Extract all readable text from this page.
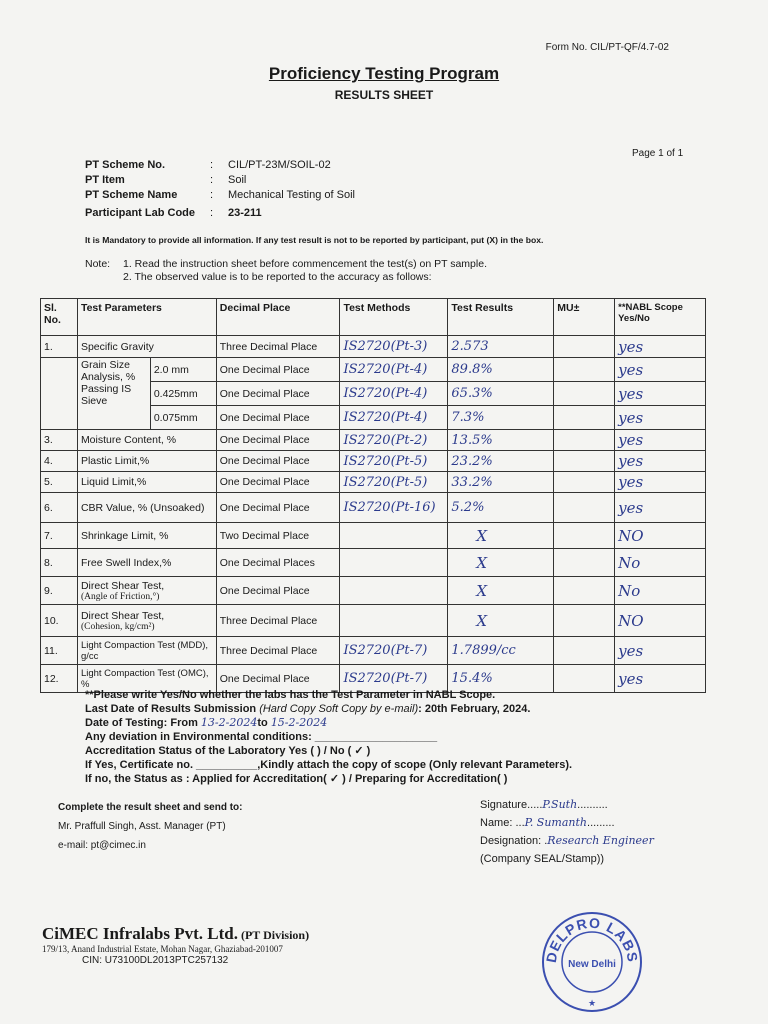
Form No. CIL/PT-QF/4.7-02
Proficiency Testing Program
RESULTS SHEET
Page 1 of 1
PT Scheme No.	:	CIL/PT-23M/SOIL-02
PT Item	:	Soil
PT Scheme Name	:	Mechanical Testing of Soil
Participant Lab Code	:	23-211
It is Mandatory to provide all information. If any test result is not to be reported by participant, put (X) in the box.
Note:	1. Read the instruction sheet before commencement the test(s) on PT sample.
2. The observed value is to be reported to the accuracy as follows:
Sl. No.	Test Parameters		Decimal Place	Test Methods	Test Results	MU±	**NABL Scope Yes/No
1.	Specific Gravity		Three Decimal Place	IS2720(Pt-3)	2.573		yes
	Grain Size Analysis, % Passing IS Sieve	2.0 mm	One Decimal Place	IS2720(Pt-4)	89.8%		yes
		0.425mm	One Decimal Place	IS2720(Pt-4)	65.3%		yes
		0.075mm	One Decimal Place	IS2720(Pt-4)	7.3%		yes
3.	Moisture Content, %		One Decimal Place	IS2720(Pt-2)	13.5%		yes
4.	Plastic Limit,%		One Decimal Place	IS2720(Pt-5)	23.2%		yes
5.	Liquid Limit,%		One Decimal Place	IS2720(Pt-5)	33.2%		yes
6.	CBR Value, % (Unsoaked)		One Decimal Place	IS2720(Pt-16)	5.2%		yes
7.	Shrinkage Limit, %		Two Decimal Place		X		NO
8.	Free Swell Index,%		One Decimal Places		X		No
9.	Direct Shear Test,
(Angle of Friction,°)		One Decimal Place		X		No
10.	Direct Shear Test,
(Cohesion, kg/cm²)		Three Decimal Place		X		NO
11.	Light Compaction Test (MDD), g/cc		Three Decimal Place	IS2720(Pt-7)	1.7899/cc		yes
12.	Light Compaction Test (OMC), %		One Decimal Place	IS2720(Pt-7)	15.4%		yes
**Please write Yes/No whether the labs has the Test Parameter in NABL Scope.
Last Date of Results Submission (Hard Copy Soft Copy by e-mail): 20th February, 2024.
Date of Testing: From 13-2-2024to 15-2-2024
Any deviation in Environmental conditions: ____________________
Accreditation Status of the Laboratory Yes ( ) / No ( ✓ )
If Yes, Certificate no. __________,Kindly attach the copy of scope (Only relevant Parameters).
If no, the Status as : Applied for Accreditation( ✓ ) / Preparing for Accreditation( )
Complete the result sheet and send to:
Mr. Praffull Singh, Asst. Manager (PT)
e-mail: pt@cimec.in
Signature.....P.Suth..........
Name: ...P. Sumanth.........
Designation: .Research Engineer
(Company SEAL/Stamp))
CiMEC Infralabs Pvt. Ltd. (PT Division)
179/13, Anand Industrial Estate, Mohan Nagar, Ghaziabad-201007
CIN: U73100DL2013PTC257132	DELPRO LABS
New Delhi
★
